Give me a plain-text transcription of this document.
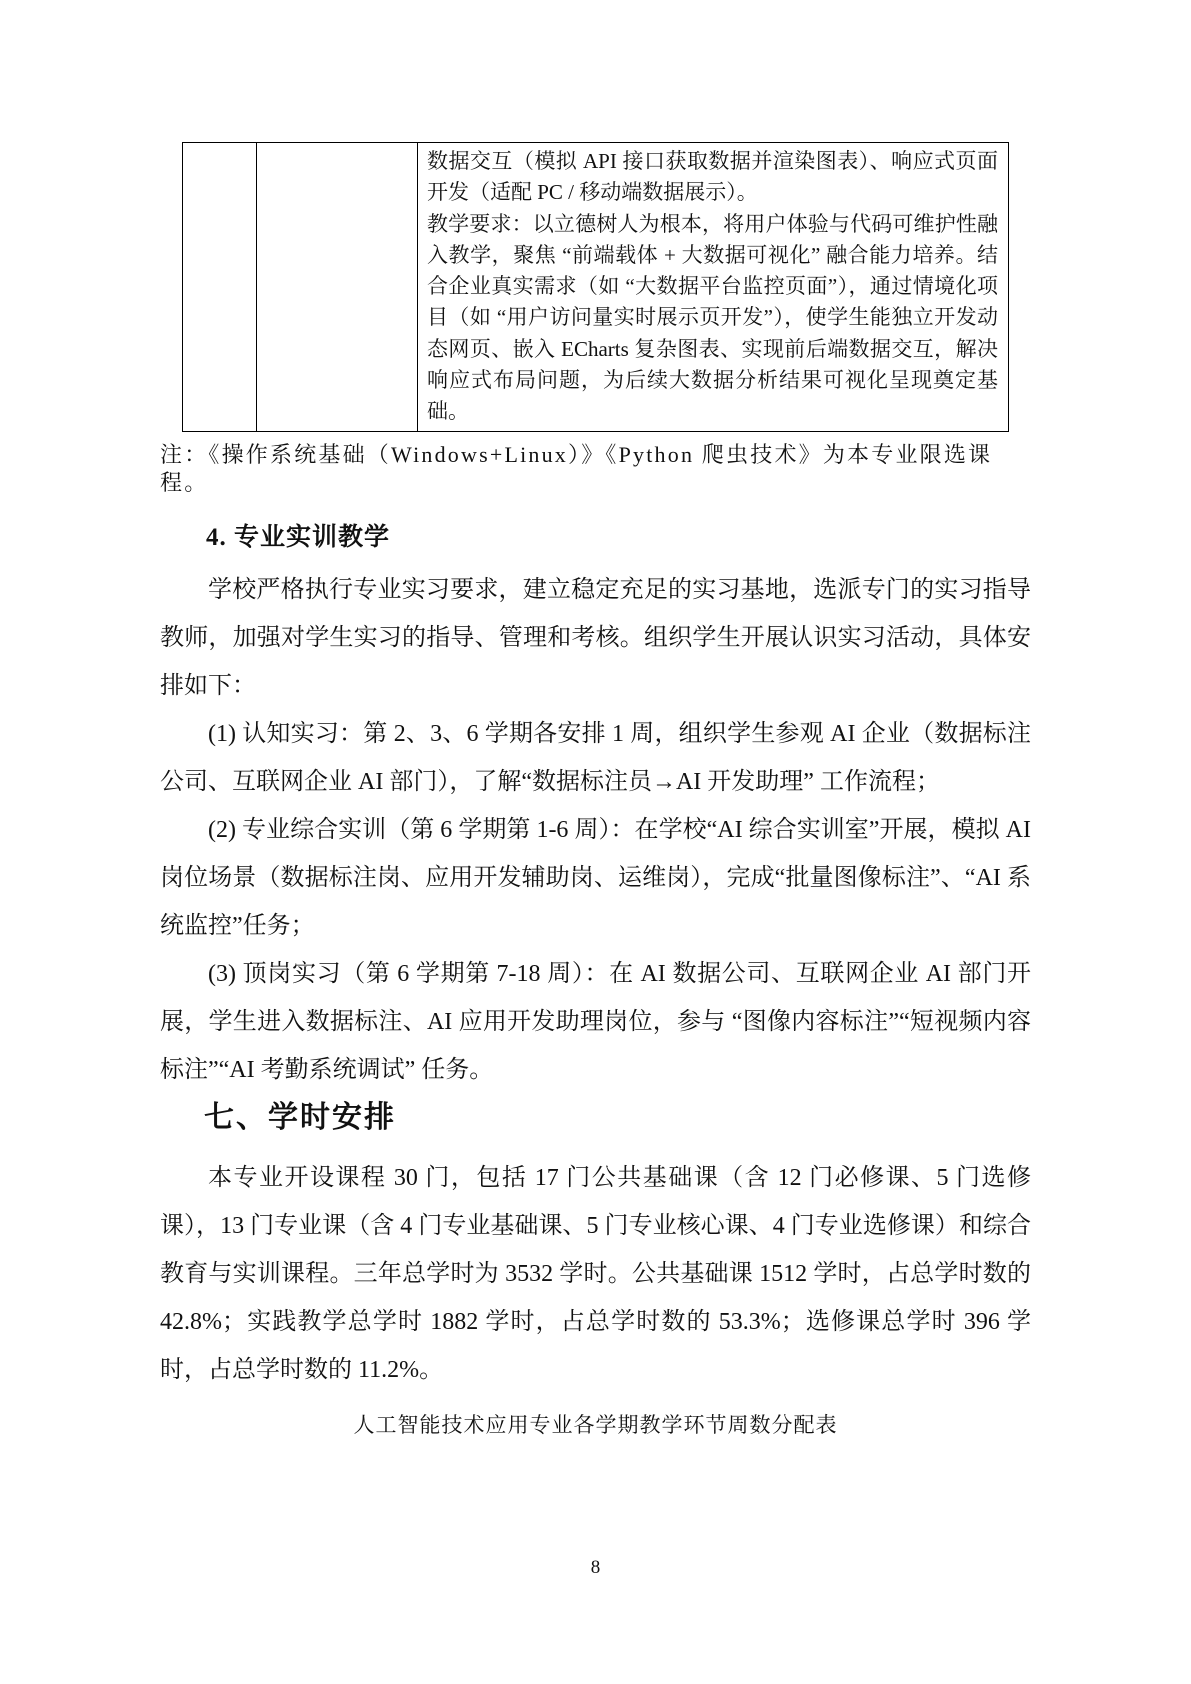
数据交互（模拟 API 接口获取数据并渲染图表）、响应式页面开发（适配 PC / 移动端数据展示）。

教学要求：以立德树人为根本，将用户体验与代码可维护性融入教学，聚焦 “前端载体 + 大数据可视化” 融合能力培养。结合企业真实需求（如 “大数据平台监控页面”），通过情境化项目（如 “用户访问量实时展示页开发”），使学生能独立开发动态网页、嵌入 ECharts 复杂图表、实现前后端数据交互，解决响应式布局问题，为后续大数据分析结果可视化呈现奠定基础。

注：《操作系统基础（Windows+Linux）》《Python 爬虫技术》为本专业限选课程。

4. 专业实训教学

学校严格执行专业实习要求，建立稳定充足的实习基地，选派专门的实习指导教师，加强对学生实习的指导、管理和考核。组织学生开展认识实习活动，具体安排如下：

(1) 认知实习：第 2、3、6 学期各安排 1 周，组织学生参观 AI 企业（数据标注公司、互联网企业 AI 部门），了解“数据标注员→AI 开发助理” 工作流程；

(2) 专业综合实训（第 6 学期第 1-6 周）：在学校“AI 综合实训室”开展，模拟 AI 岗位场景（数据标注岗、应用开发辅助岗、运维岗），完成“批量图像标注”、“AI 系统监控”任务；

(3) 顶岗实习（第 6 学期第 7-18 周）：在 AI 数据公司、互联网企业 AI 部门开展，学生进入数据标注、AI 应用开发助理岗位，参与 “图像内容标注”“短视频内容标注”“AI 考勤系统调试” 任务。

七、学时安排

本专业开设课程 30 门，包括 17 门公共基础课（含 12 门必修课、5 门选修课），13 门专业课（含 4 门专业基础课、5 门专业核心课、4 门专业选修课）和综合教育与实训课程。三年总学时为 3532 学时。公共基础课 1512 学时，占总学时数的 42.8%；实践教学总学时 1882 学时，占总学时数的 53.3%；选修课总学时 396 学时，占总学时数的 11.2%。

人工智能技术应用专业各学期教学环节周数分配表

8
